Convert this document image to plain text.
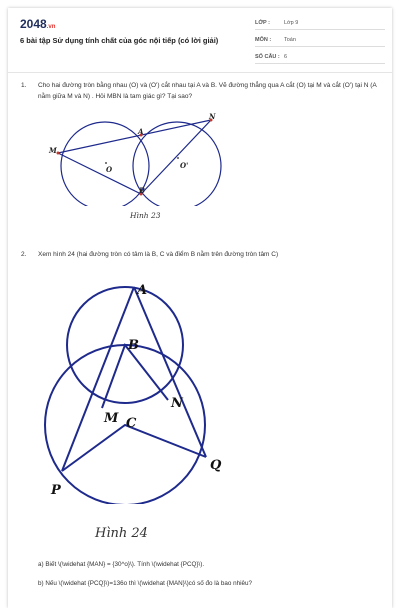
2048.vn
6 bài tập Sử dụng tính chất của góc nội tiếp (có lời giải)
LỚP :	Lớp 9
MÔN : Toán
SỐ CÂU : 6
1. Cho hai đường tròn bằng nhau (O) và (O') cắt nhau tại A và B. Vẽ đường thẳng qua A cắt (O) tại M và cắt (O') tại N (A nằm giữa M và N) . Hỏi MBN là tam giác gì? Tại sao?
M
A
N
B
O	O'
Hình 23
2. Xem hình 24 (hai đường tròn có tâm là B, C và điểm B nằm trên đường tròn tâm C)
A
B
M C
N
P
Q
Hình 24
a) Biết \(\widehat {MAN} = {30^o}\). Tính \(\widehat {PCQ}\).
b) Nếu \(\widehat {PCQ}\)=136o thì \(\widehat {MAN}\)có số đo là bao nhiêu?
